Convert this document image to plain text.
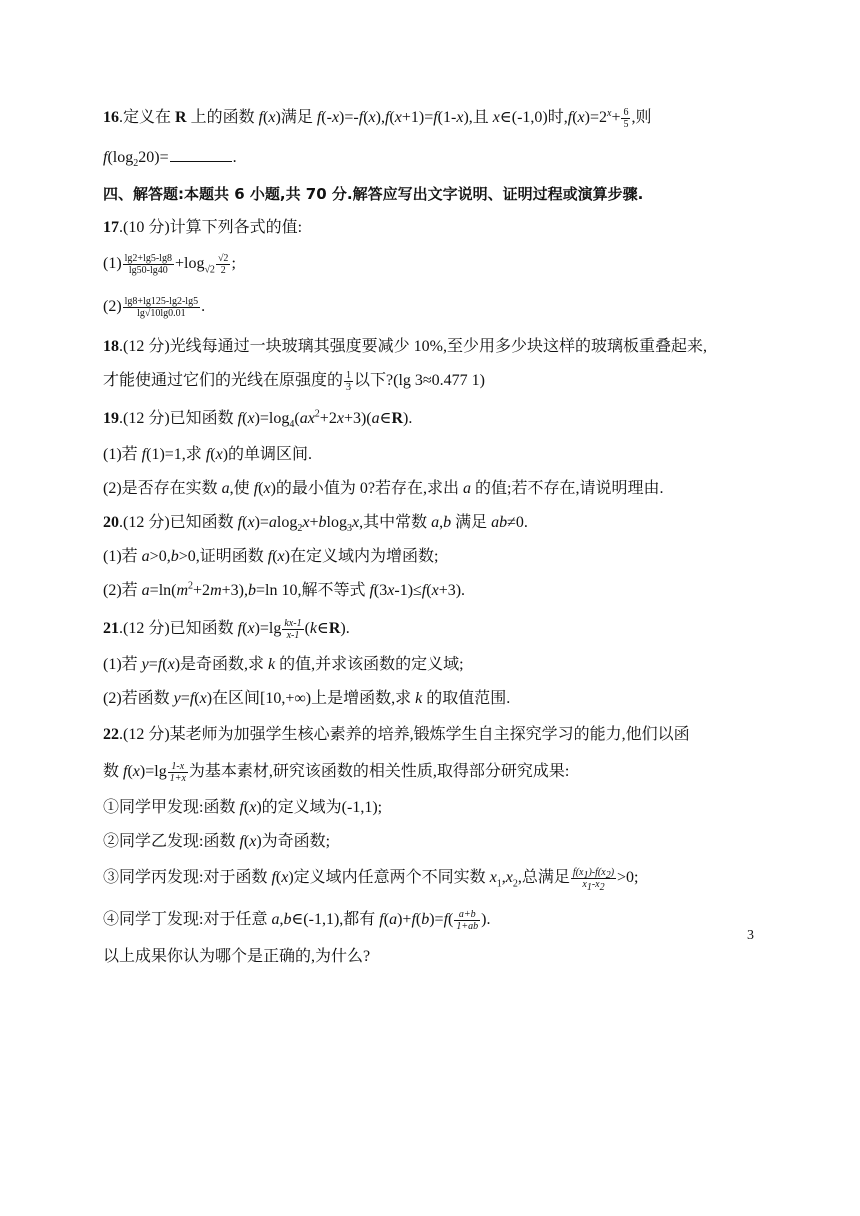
16.定义在 R 上的函数 f(x)满足 f(-x)=-f(x),f(x+1)=f(1-x),且 x∈(-1,0)时$,f(x)=2^x+ \frac{6}{5}$ ,则
$f(\log_220)=$	.
四、解答题:本题共 6 小题,共 70 分.解答应写出文字说明、证明过程或演算步骤.
17.(10 分)计算下列各式的值:
$(1) \frac{\lg 2+\lg 5-\lg 8}{\lg 50-\lg 40} +\log_{√2} \frac{√2}{2}$ ;
$(2) \frac{\lg 8+\lg 125-\lg 2-\lg 5}{\lg√10\lg 0.01}$ .
18.(12 分)光线每通过一块玻璃其强度要减少 10%,至少用多少块这样的玻璃板重叠起来,
才能使通过它们的光线在原强度的 $\frac{1}{3}$ 以下?(lg 3≈0.477 1)
19.(12 分)已知函数 $f(x)=\log_4(ax^2+2x+3)(a\in R)$.
(1)若 f(1)=1,求 f(x)的单调区间.
(2)是否存在实数 a,使 f(x)的最小值为 0?若存在,求出 a 的值;若不存在,请说明理由.
20.(12 分)已知函数 f(x)=alog$_2$x+blog$_3$x,其中常数 a,b 满足 ab≠0.
(1)若 a>0,b>0,证明函数 f(x)在定义域内为增函数;
(2)若 $a=\ln(m^2+2m+3),b=\ln$ 10,解不等式 f(3x-1)≤f(x+3).
21.(12 分)已知函数 $f(x)=\lg \frac{kx-1}{x-1}$ (k∈R).
(1)若 y=f(x)是奇函数,求 k 的值,并求该函数的定义域;
(2)若函数 y=f(x)在区间[10,+∞)上是增函数,求 k 的取值范围.
22.(12 分)某老师为加强学生核心素养的培养,锻炼学生自主探究学习的能力,他们以函
数 $f(x)=\lg \frac{1-x}{1+x}$ 为基本素材,研究该函数的相关性质,取得部分研究成果:
①同学甲发现:函数 f(x)的定义域为(-1,1);
②同学乙发现:函数 f(x)为奇函数;
③同学丙发现:对于函数 f(x)定义域内任意两个不同实数 $x_1,x_2$,总满足 $\frac{f(x_1)-f(x_2)}{x_1-x_2} >0$;
④同学丁发现:对于任意 a,b∈(-1,1),都有 $f(a)+f(b)=f( \frac{a+b}{1+ab}$ ).
以上成果你认为哪个是正确的,为什么?
3
